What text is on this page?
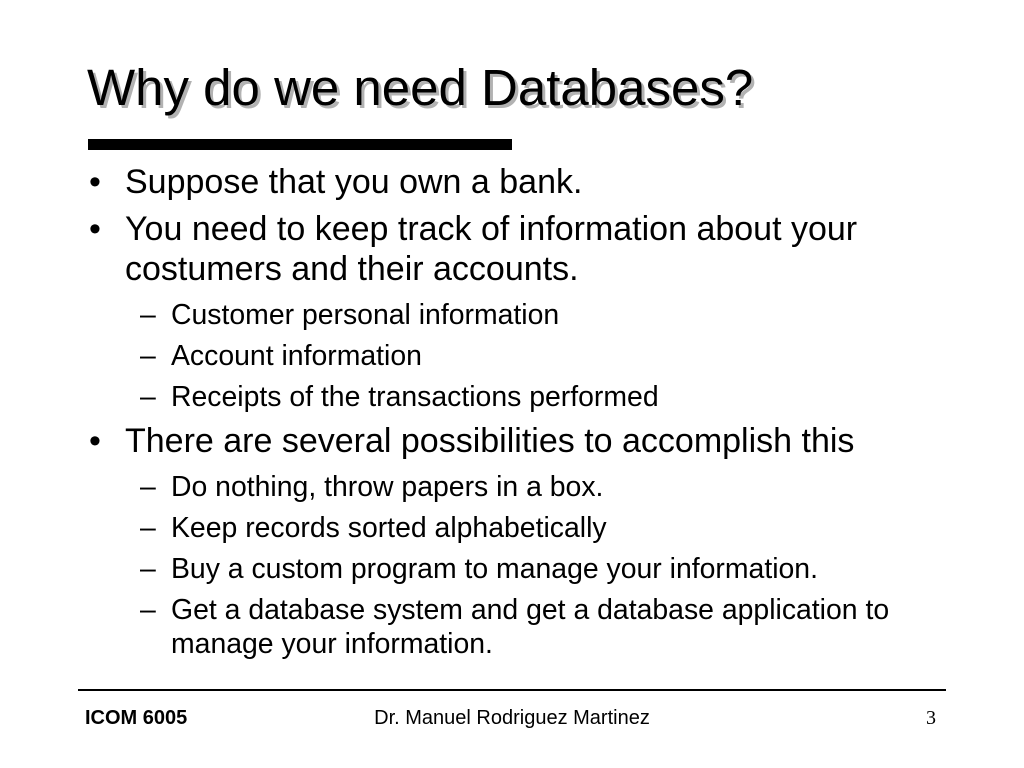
Why do we need Databases?
• Suppose that you own a bank.
• You need to keep track of information about your costumers and their accounts.
– Customer personal information
– Account information
– Receipts of the transactions performed
• There are several possibilities to accomplish this
– Do nothing, throw papers in a box.
– Keep records sorted alphabetically
– Buy a custom program to manage your information.
– Get a database system and get a database application to manage your information.
ICOM 6005	Dr. Manuel Rodriguez Martinez	3
